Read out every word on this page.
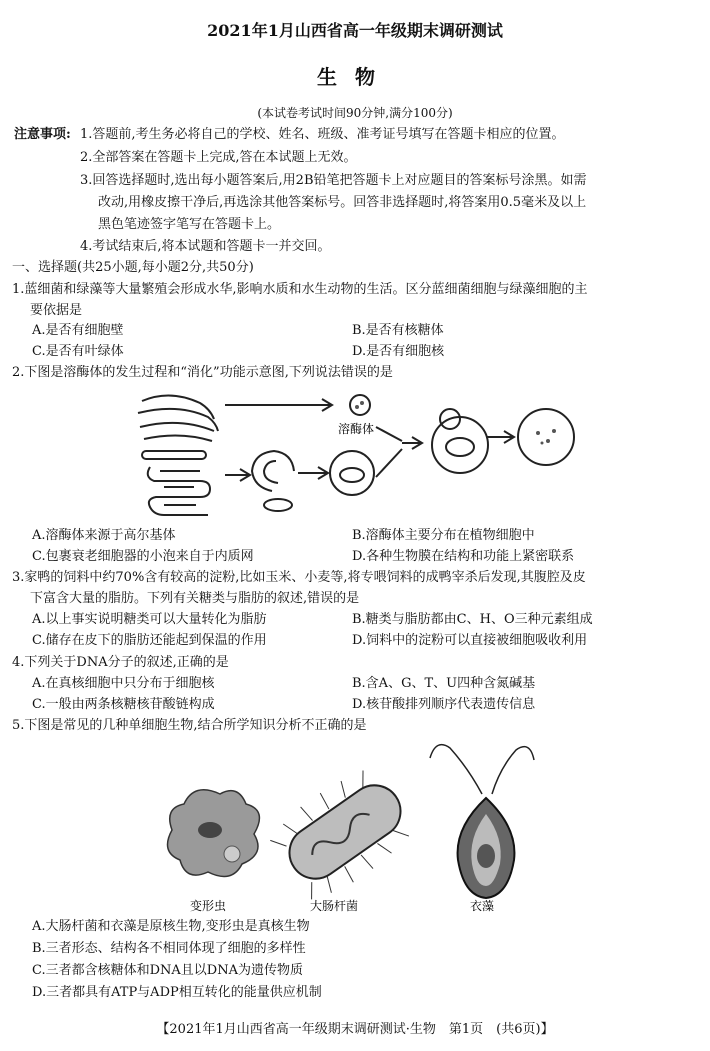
2021年1月山西省高一年级期末调研测试
生物
(本试卷考试时间90分钟,满分100分)
注意事项: 1.答题前,考生务必将自己的学校、姓名、班级、准考证号填写在答题卡相应的位置。
2.全部答案在答题卡上完成,答在本试题上无效。
3.回答选择题时,选出每小题答案后,用2B铅笔把答题卡上对应题目的答案标号涂黑。如需
改动,用橡皮擦干净后,再选涂其他答案标号。回答非选择题时,将答案用0.5毫米及以上
黑色笔迹签字笔写在答题卡上。
4.考试结束后,将本试题和答题卡一并交回。
一、选择题(共25小题,每小题2分,共50分)
1.蓝细菌和绿藻等大量繁殖会形成水华,影响水质和水生动物的生活。区分蓝细菌细胞与绿藻细胞的主
要依据是
A.是否有细胞壁	B.是否有核糖体
C.是否有叶绿体	D.是否有细胞核
2.下图是溶酶体的发生过程和“消化”功能示意图,下列说法错误的是
溶酶体
A.溶酶体来源于高尔基体	B.溶酶体主要分布在植物细胞中
C.包裹衰老细胞器的小泡来自于内质网	D.各种生物膜在结构和功能上紧密联系
3.家鸭的饲料中约70%含有较高的淀粉,比如玉米、小麦等,将专喂饲料的成鸭宰杀后发现,其腹腔及皮
下富含大量的脂肪。下列有关糖类与脂肪的叙述,错误的是
A.以上事实说明糖类可以大量转化为脂肪	B.糖类与脂肪都由C、H、O三种元素组成
C.储存在皮下的脂肪还能起到保温的作用	D.饲料中的淀粉可以直接被细胞吸收利用
4.下列关于DNA分子的叙述,正确的是
A.在真核细胞中只分布于细胞核	B.含A、G、T、U四种含氮碱基
C.一般由两条核糖核苷酸链构成	D.核苷酸排列顺序代表遗传信息
5.下图是常见的几种单细胞生物,结合所学知识分析不正确的是
变形虫	大肠杆菌	衣藻
A.大肠杆菌和衣藻是原核生物,变形虫是真核生物
B.三者形态、结构各不相同体现了细胞的多样性
C.三者都含核糖体和DNA且以DNA为遗传物质
D.三者都具有ATP与ADP相互转化的能量供应机制
【2021年1月山西省高一年级期末调研测试·生物　第1页　(共6页)】
